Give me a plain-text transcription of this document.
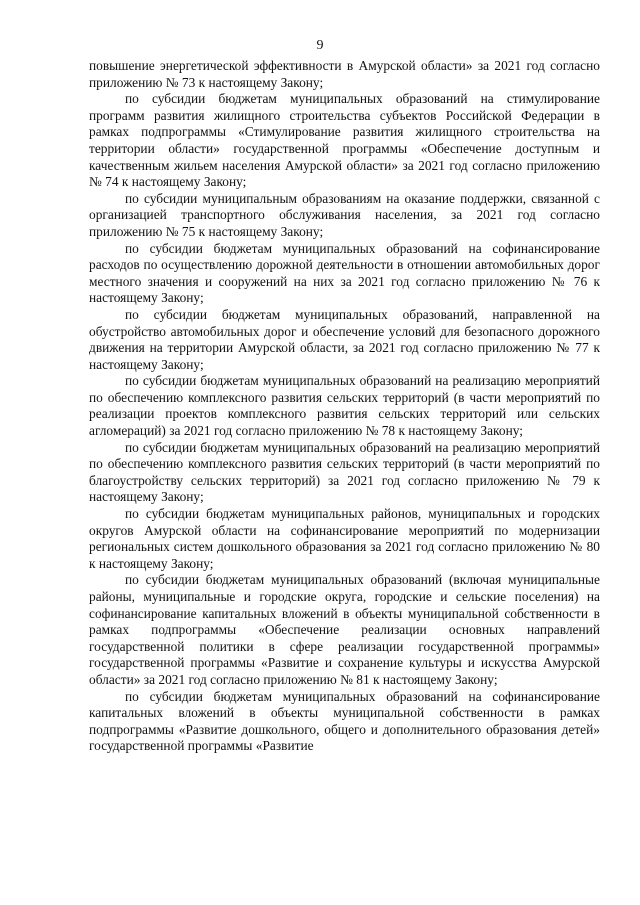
9

повышение энергетической эффективности в Амурской области» за 2021 год согласно приложению № 73 к настоящему Закону;

по субсидии бюджетам муниципальных образований на стимулирование программ развития жилищного строительства субъектов Российской Федерации в рамках подпрограммы «Стимулирование развития жилищного строительства на территории области» государственной программы «Обеспечение доступным и качественным жильем населения Амурской области» за 2021 год согласно приложению № 74 к настоящему Закону;

по субсидии муниципальным образованиям на оказание поддержки, связанной с организацией транспортного обслуживания населения, за 2021 год согласно приложению № 75 к настоящему Закону;

по субсидии бюджетам муниципальных образований на софинансирование расходов по осуществлению дорожной деятельности в отношении автомобильных дорог местного значения и сооружений на них за 2021 год согласно приложению № 76 к настоящему Закону;

по субсидии бюджетам муниципальных образований, направленной на обустройство автомобильных дорог и обеспечение условий для безопасного дорожного движения на территории Амурской области, за 2021 год согласно приложению № 77 к настоящему Закону;

по субсидии бюджетам муниципальных образований на реализацию мероприятий по обеспечению комплексного развития сельских территорий (в части мероприятий по реализации проектов комплексного развития сельских территорий или сельских агломераций) за 2021 год согласно приложению № 78 к настоящему Закону;

по субсидии бюджетам муниципальных образований на реализацию мероприятий по обеспечению комплексного развития сельских территорий (в части мероприятий по благоустройству сельских территорий) за 2021 год согласно приложению № 79 к настоящему Закону;

по субсидии бюджетам муниципальных районов, муниципальных и городских округов Амурской области на софинансирование мероприятий по модернизации региональных систем дошкольного образования за 2021 год согласно приложению № 80 к настоящему Закону;

по субсидии бюджетам муниципальных образований (включая муниципальные районы, муниципальные и городские округа, городские и сельские поселения) на софинансирование капитальных вложений в объекты муниципальной собственности в рамках подпрограммы «Обеспечение реализации основных направлений государственной политики в сфере реализации государственной программы» государственной программы «Развитие и сохранение культуры и искусства Амурской области» за 2021 год согласно приложению № 81 к настоящему Закону;

по субсидии бюджетам муниципальных образований на софинансирование капитальных вложений в объекты муниципальной собственности в рамках подпрограммы «Развитие дошкольного, общего и дополнительного образования детей» государственной программы «Развитие
